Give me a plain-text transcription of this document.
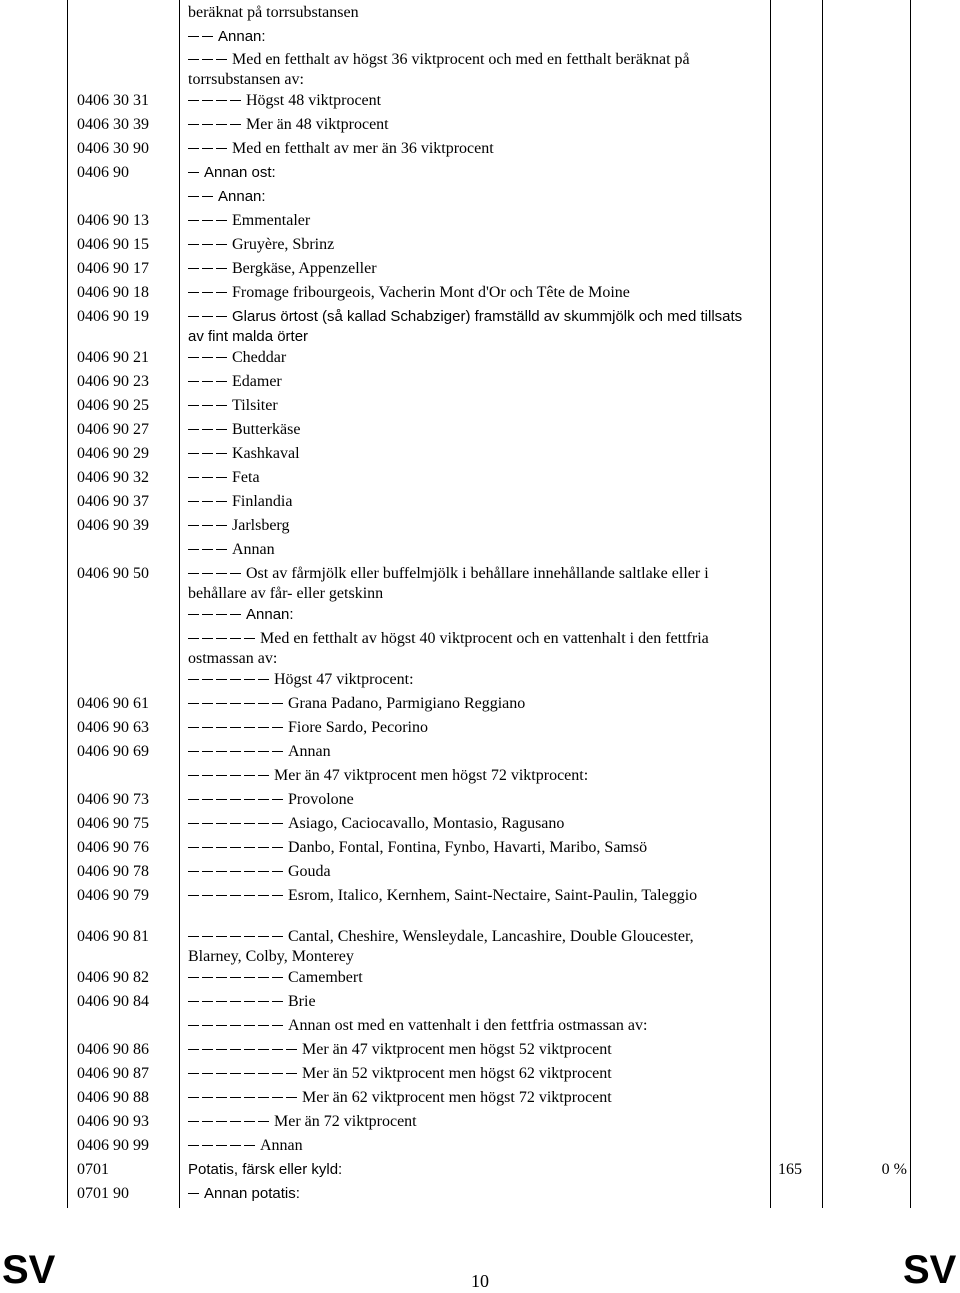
beräknat på torrsubstansen
Annan:
Med en fetthalt av högst 36 viktprocent och med en fetthalt beräknat på torrsubstansen av:
0406 30 31	Högst 48 viktprocent
0406 30 39	Mer än 48 viktprocent
0406 30 90	Med en fetthalt av mer än 36 viktprocent
0406 90	Annan ost:
Annan:
0406 90 13	Emmentaler
0406 90 15	Gruyère, Sbrinz
0406 90 17	Bergkäse, Appenzeller
0406 90 18	Fromage fribourgeois, Vacherin Mont d'Or och Tête de Moine
0406 90 19	Glarus örtost (så kallad Schabziger) framställd av skummjölk och med tillsats av fint malda örter
0406 90 21	Cheddar
0406 90 23	Edamer
0406 90 25	Tilsiter
0406 90 27	Butterkäse
0406 90 29	Kashkaval
0406 90 32	Feta
0406 90 37	Finlandia
0406 90 39	Jarlsberg
Annan
0406 90 50	Ost av fårmjölk eller buffelmjölk i behållare innehållande saltlake eller i behållare av får- eller getskinn
Annan:
Med en fetthalt av högst 40 viktprocent och en vattenhalt i den fettfria ostmassan av:
Högst 47 viktprocent:
0406 90 61	Grana Padano, Parmigiano Reggiano
0406 90 63	Fiore Sardo, Pecorino
0406 90 69	Annan
Mer än 47 viktprocent men högst 72 viktprocent:
0406 90 73	Provolone
0406 90 75	Asiago, Caciocavallo, Montasio, Ragusano
0406 90 76	Danbo, Fontal, Fontina, Fynbo, Havarti, Maribo, Samsö
0406 90 78	Gouda
0406 90 79	Esrom, Italico, Kernhem, Saint-Nectaire, Saint-Paulin, Taleggio
0406 90 81	Cantal, Cheshire, Wensleydale, Lancashire, Double Gloucester, Blarney, Colby, Monterey
0406 90 82	Camembert
0406 90 84	Brie
Annan ost med en vattenhalt i den fettfria ostmassan av:
0406 90 86	Mer än 47 viktprocent men högst 52 viktprocent
0406 90 87	Mer än 52 viktprocent men högst 62 viktprocent
0406 90 88	Mer än 62 viktprocent men högst 72 viktprocent
0406 90 93	Mer än 72 viktprocent
0406 90 99	Annan
0701	Potatis, färsk eller kyld:	165	0 %
0701 90	Annan potatis:
SV	10	SV
